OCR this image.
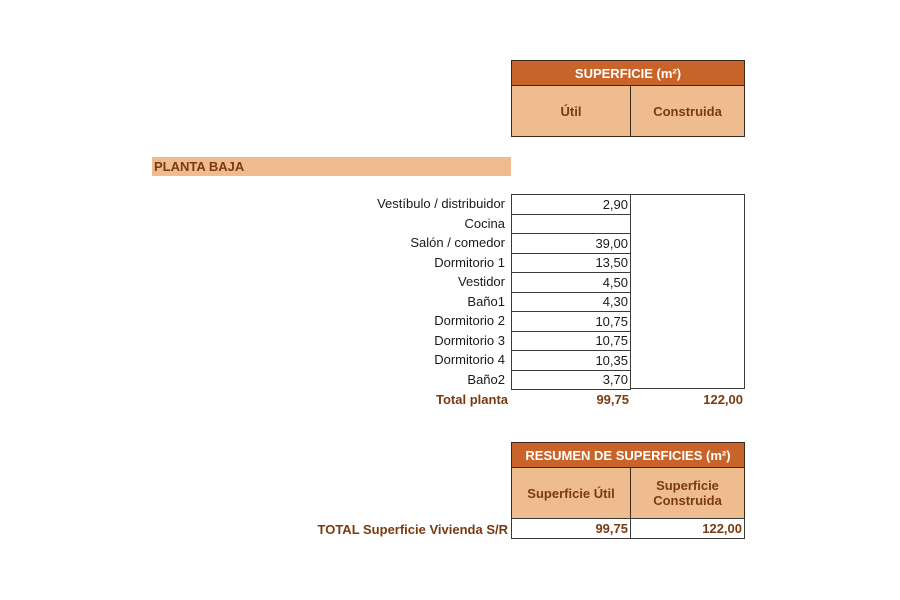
SUPERFICIE (m²)
Útil	Construida
PLANTA BAJA
Vestíbulo / distribuidor	2,90
Cocina
Salón / comedor	39,00
Dormitorio 1	13,50
Vestidor	4,50
Baño1	4,30
Dormitorio 2	10,75
Dormitorio 3	10,75
Dormitorio 4	10,35
Baño2	3,70
Total planta	99,75	122,00
RESUMEN DE SUPERFICIES (m²)
Superficie Útil	Superficie Construida
TOTAL Superficie Vivienda S/R	99,75	122,00
